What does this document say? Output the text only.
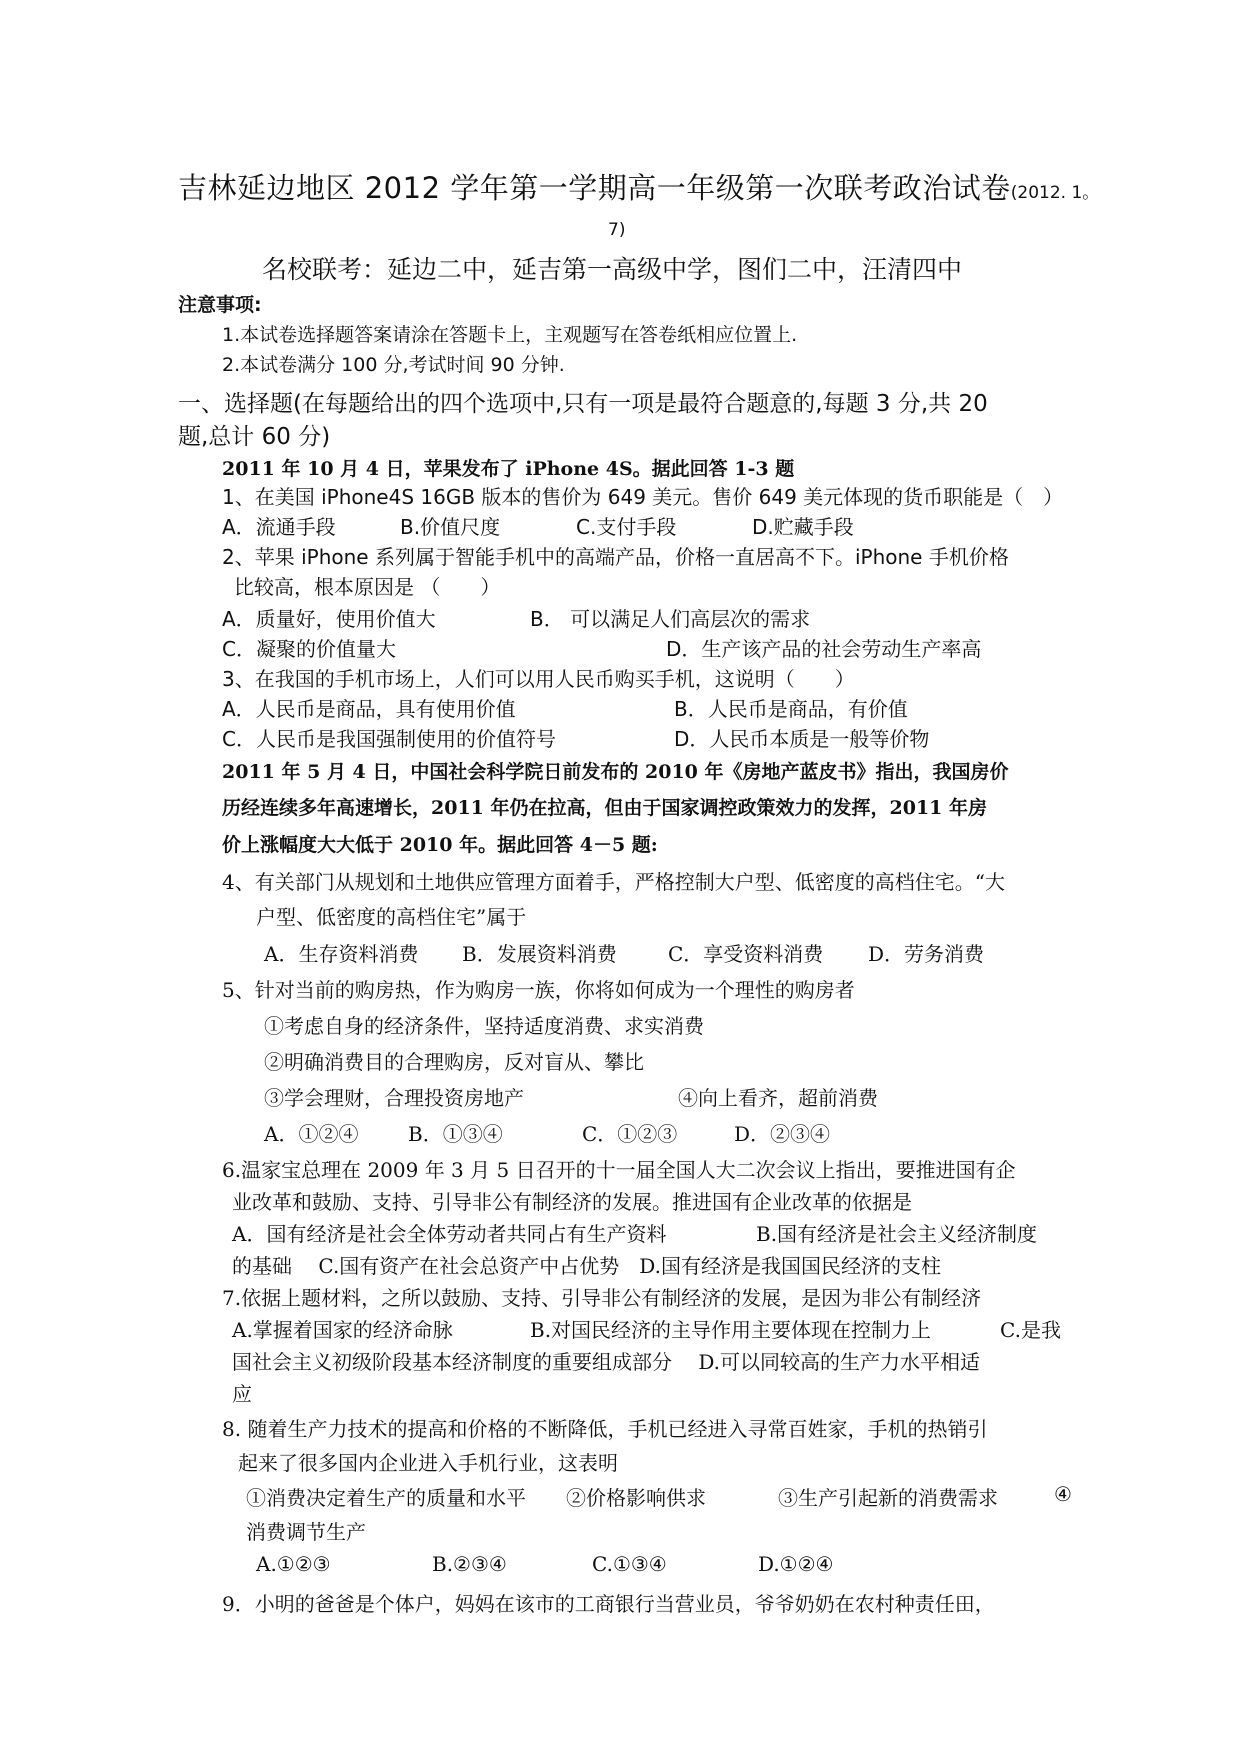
吉林延边地区 2012 学年第一学期高一年级第一次联考政治试卷(2012. 1。
7)
名校联考：延边二中，延吉第一高级中学，图们二中，汪清四中
注意事项:
1.本试卷选择题答案请涂在答题卡上，主观题写在答卷纸相应位置上.
2.本试卷满分 100 分,考试时间 90 分钟.
一、选择题(在每题给出的四个选项中,只有一项是最符合题意的,每题 3 分,共 20
题,总计 60 分)
2011 年 10 月 4 日，苹果发布了 iPhone 4S。据此回答 1-3 题
1、在美国 iPhone4S 16GB 版本的售价为 649 美元。售价 649 美元体现的货币职能是（　）
A．流通手段	B.价值尺度	C.支付手段	D.贮藏手段
2、苹果 iPhone 系列属于智能手机中的高端产品，价格一直居高不下。iPhone 手机价格
比较高，根本原因是 （　　）
A．质量好，使用价值大	B． 可以满足人们高层次的需求
C．凝聚的价值量大	D．生产该产品的社会劳动生产率高
3、在我国的手机市场上，人们可以用人民币购买手机，这说明（　　）
A．人民币是商品，具有使用价值	B．人民币是商品，有价值
C．人民币是我国强制使用的价值符号	D．人民币本质是一般等价物
2011 年 5 月 4 日，中国社会科学院日前发布的 2010 年《房地产蓝皮书》指出，我国房价
历经连续多年高速增长，2011 年仍在拉高，但由于国家调控政策效力的发挥，2011 年房
价上涨幅度大大低于 2010 年。据此回答 4－5 题:
4、有关部门从规划和土地供应管理方面着手，严格控制大户型、低密度的高档住宅。“大
户型、低密度的高档住宅”属于
A．生存资料消费 B．发展资料消费	C．享受资料消费 D．劳务消费
5、针对当前的购房热，作为购房一族，你将如何成为一个理性的购房者
①考虑自身的经济条件，坚持适度消费、求实消费
②明确消费目的合理购房，反对盲从、攀比
③学会理财，合理投资房地产	④向上看齐，超前消费
A．①②④ B．①③④	C．①②③	D．②③④
6.温家宝总理在 2009 年 3 月 5 日召开的十一届全国人大二次会议上指出，要推进国有企
业改革和鼓励、支持、引导非公有制经济的发展。推进国有企业改革的依据是
A．国有经济是社会全体劳动者共同占有生产资料	B.国有经济是社会主义经济制度
的基础　 C.国有资产在社会总资产中占优势　D.国有经济是我国国民经济的支柱
7.依据上题材料，之所以鼓励、支持、引导非公有制经济的发展，是因为非公有制经济
A.掌握着国家的经济命脉	B.对国民经济的主导作用主要体现在控制力上	C.是我
国社会主义初级阶段基本经济制度的重要组成部分　 D.可以同较高的生产力水平相适
应
8. 随着生产力技术的提高和价格的不断降低，手机已经进入寻常百姓家，手机的热销引
起来了很多国内企业进入手机行业，这表明
①消费决定着生产的质量和水平 ②价格影响供求	③生产引起新的消费需求	④
消费调节生产
A.①②③	B.②③④	C.①③④	D.①②④
9．小明的爸爸是个体户，妈妈在该市的工商银行当营业员，爷爷奶奶在农村种责任田，
